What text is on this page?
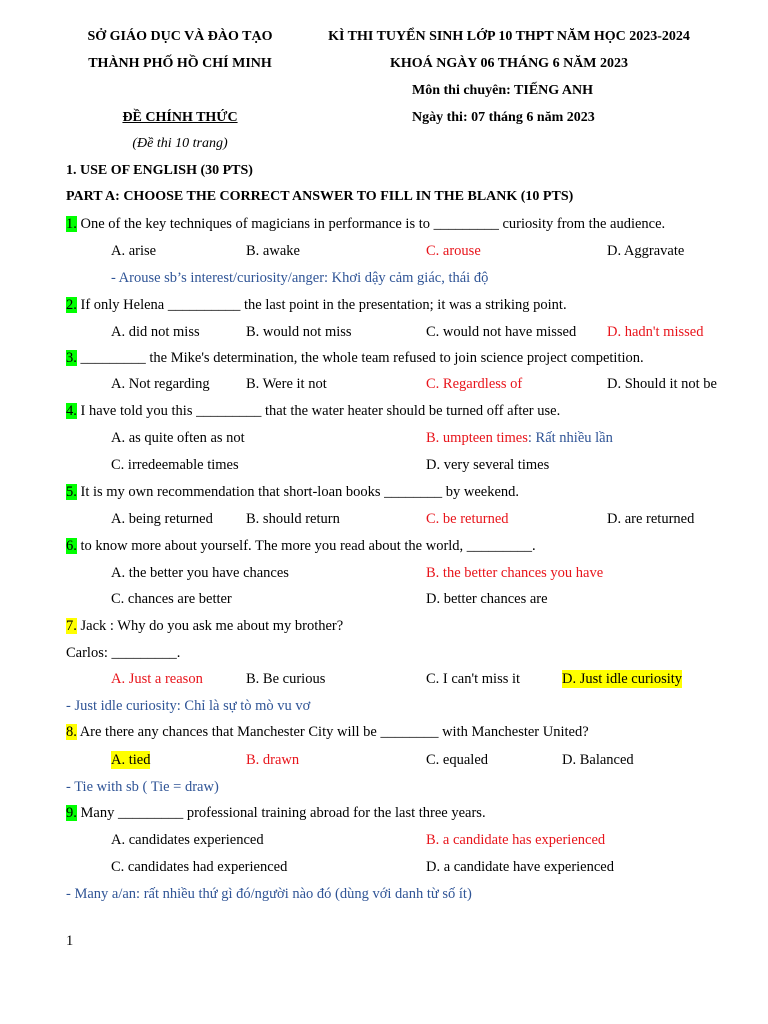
SỞ GIÁO DỤC VÀ ĐÀO TẠO
THÀNH PHỐ HỒ CHÍ MINH
KÌ THI TUYỂN SINH LỚP 10 THPT NĂM HỌC 2023-2024
KHOÁ NGÀY 06 THÁNG 6 NĂM 2023
Môn thi chuyên: TIẾNG ANH
Ngày thi: 07 tháng 6 năm 2023
ĐỀ CHÍNH THỨC
(Đề thi 10 trang)
1. USE OF ENGLISH (30 PTS)
PART A: CHOOSE THE CORRECT ANSWER TO FILL IN THE BLANK (10 PTS)
1. One of the key techniques of magicians in performance is to _________ curiosity from the audience.
A. arise	B. awake	C. arouse	D. Aggravate
- Arouse sb’s interest/curiosity/anger: Khơi dậy cảm giác, thái độ
2. If only Helena __________ the last point in the presentation; it was a striking point.
A. did not miss	B. would not miss	C. would not have missed D. hadn't missed
3. _________ the Mike's determination, the whole team refused to join science project competition.
A. Not regarding	B. Were it not	C. Regardless of	D. Should it not be
4. I have told you this _________ that the water heater should be turned off after use.
A. as quite often as not	B. umpteen times: Rất nhiều lần
C. irredeemable times	D. very several times
5. It is my own recommendation that short-loan books ________ by weekend.
A. being returned B. should return	C. be returned	D. are returned
6. to know more about yourself. The more you read about the world, _________.
A. the better you have chances	B. the better chances you have
C. chances are better	D. better chances are
7. Jack : Why do you ask me about my brother?
Carlos: _________.
A. Just a reason	B. Be curious	C. I can't miss it	D. Just idle curiosity
- Just idle curiosity: Chỉ là sự tò mò vu vơ
8. Are there any chances that Manchester City will be ________ with Manchester United?
A. tied	B. drawn	C. equaled	D. Balanced
- Tie with sb ( Tie = draw)
9. Many _________ professional training abroad for the last three years.
A. candidates experienced	B. a candidate has experienced
C. candidates had experienced	D. a candidate have experienced
- Many a/an: rất nhiều thứ gì đó/người nào đó (dùng với danh từ số ít)
1
